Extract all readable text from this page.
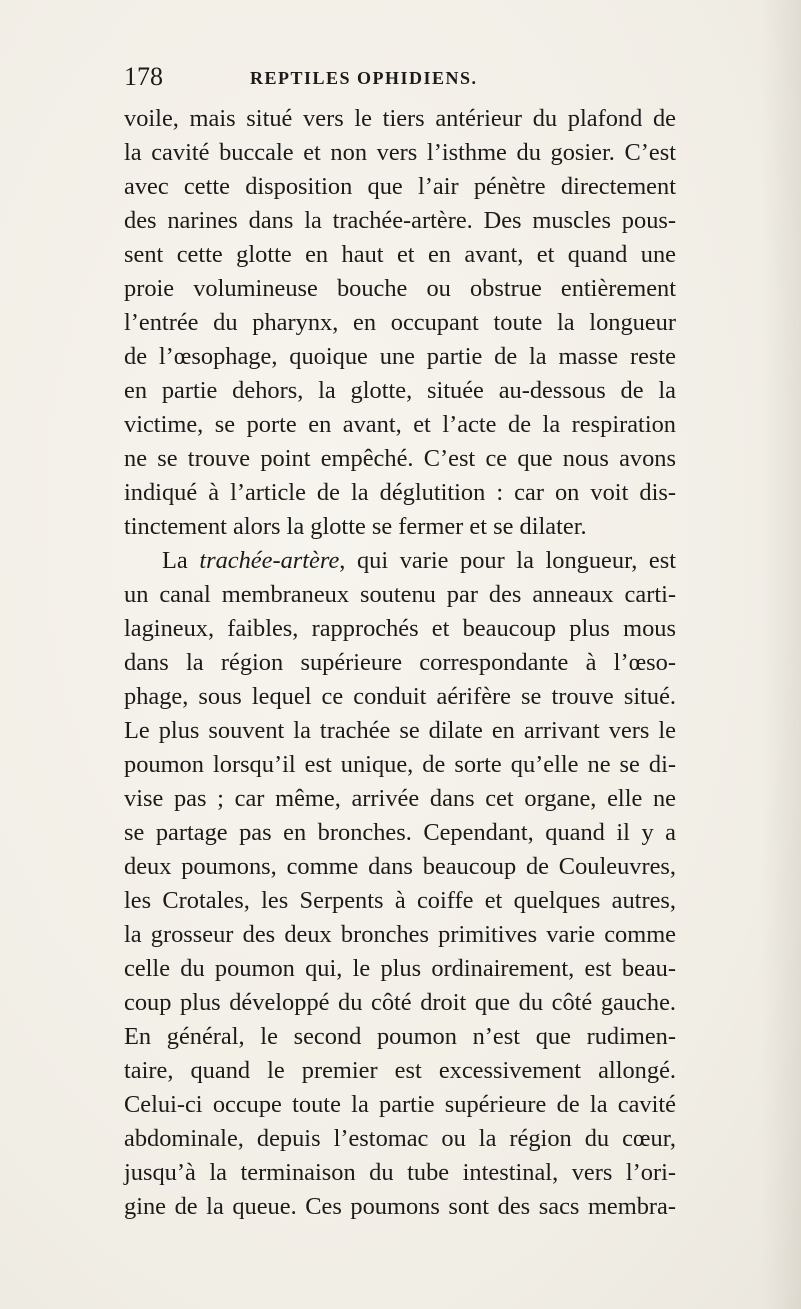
178	REPTILES OPHIDIENS.
voile, mais situé vers le tiers antérieur du plafond de
la cavité buccale et non vers l’isthme du gosier. C’est
avec cette disposition que l’air pénètre directement
des narines dans la trachée-artère. Des muscles pous-
sent cette glotte en haut et en avant, et quand une
proie volumineuse bouche ou obstrue entièrement
l’entrée du pharynx, en occupant toute la longueur
de l’œsophage, quoique une partie de la masse reste
en partie dehors, la glotte, située au-dessous de la
victime, se porte en avant, et l’acte de la respiration
ne se trouve point empêché. C’est ce que nous avons
indiqué à l’article de la déglutition : car on voit dis-
tinctement alors la glotte se fermer et se dilater.
La trachée-artère, qui varie pour la longueur, est
un canal membraneux soutenu par des anneaux carti-
lagineux, faibles, rapprochés et beaucoup plus mous
dans la région supérieure correspondante à l’œso-
phage, sous lequel ce conduit aérifère se trouve situé.
Le plus souvent la trachée se dilate en arrivant vers le
poumon lorsqu’il est unique, de sorte qu’elle ne se di-
vise pas ; car même, arrivée dans cet organe, elle ne
se partage pas en bronches. Cependant, quand il y a
deux poumons, comme dans beaucoup de Couleuvres,
les Crotales, les Serpents à coiffe et quelques autres,
la grosseur des deux bronches primitives varie comme
celle du poumon qui, le plus ordinairement, est beau-
coup plus développé du côté droit que du côté gauche.
En général, le second poumon n’est que rudimen-
taire, quand le premier est excessivement allongé.
Celui-ci occupe toute la partie supérieure de la cavité
abdominale, depuis l’estomac ou la région du cœur,
jusqu’à la terminaison du tube intestinal, vers l’ori-
gine de la queue. Ces poumons sont des sacs membra-
